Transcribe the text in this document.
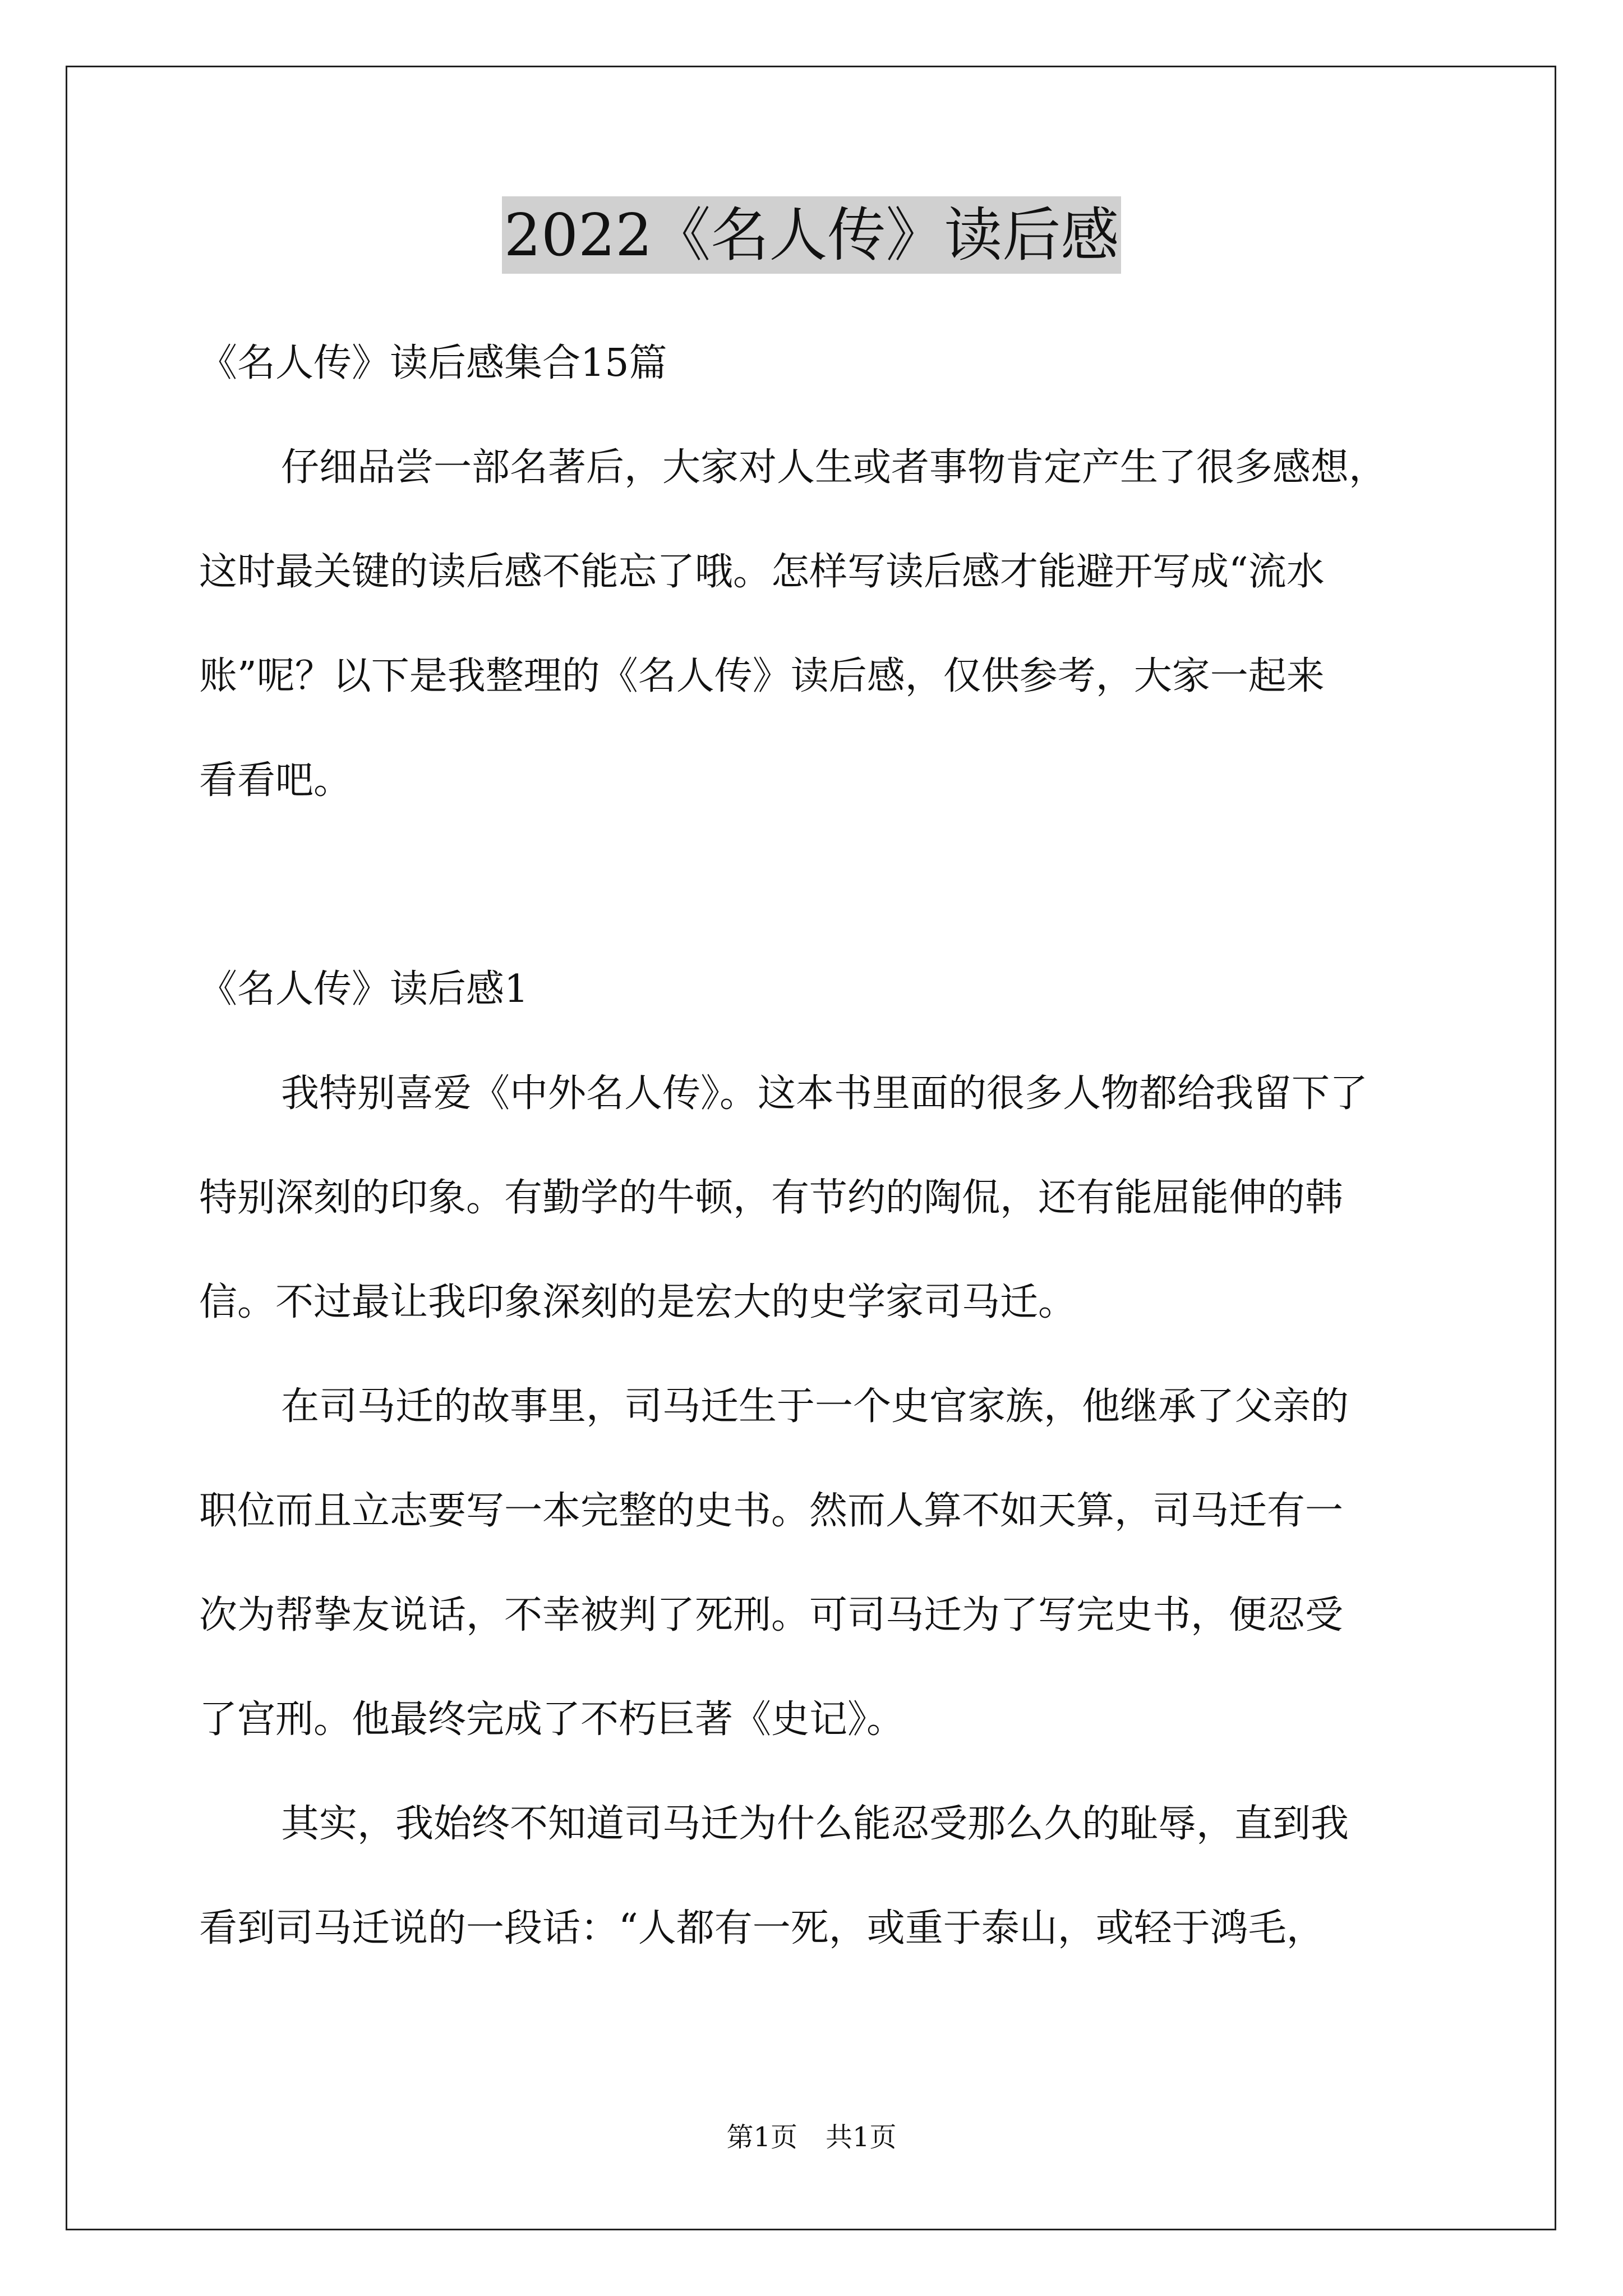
2022《名人传》读后感
《名人传》读后感集合15篇
仔细品尝一部名著后，大家对人生或者事物肯定产生了很多感想，
这时最关键的读后感不能忘了哦。怎样写读后感才能避开写成“流水
账”呢？以下是我整理的《名人传》读后感，仅供参考，大家一起来
看看吧。
《名人传》读后感1
我特别喜爱《中外名人传》。这本书里面的很多人物都给我留下了
特别深刻的印象。有勤学的牛顿，有节约的陶侃，还有能屈能伸的韩
信。不过最让我印象深刻的是宏大的史学家司马迁。
在司马迁的故事里，司马迁生于一个史官家族，他继承了父亲的
职位而且立志要写一本完整的史书。然而人算不如天算，司马迁有一
次为帮挚友说话，不幸被判了死刑。可司马迁为了写完史书，便忍受
了宫刑。他最终完成了不朽巨著《史记》。
其实，我始终不知道司马迁为什么能忍受那么久的耻辱，直到我
看到司马迁说的一段话：“人都有一死，或重于泰山，或轻于鸿毛，
第1页 共1页
